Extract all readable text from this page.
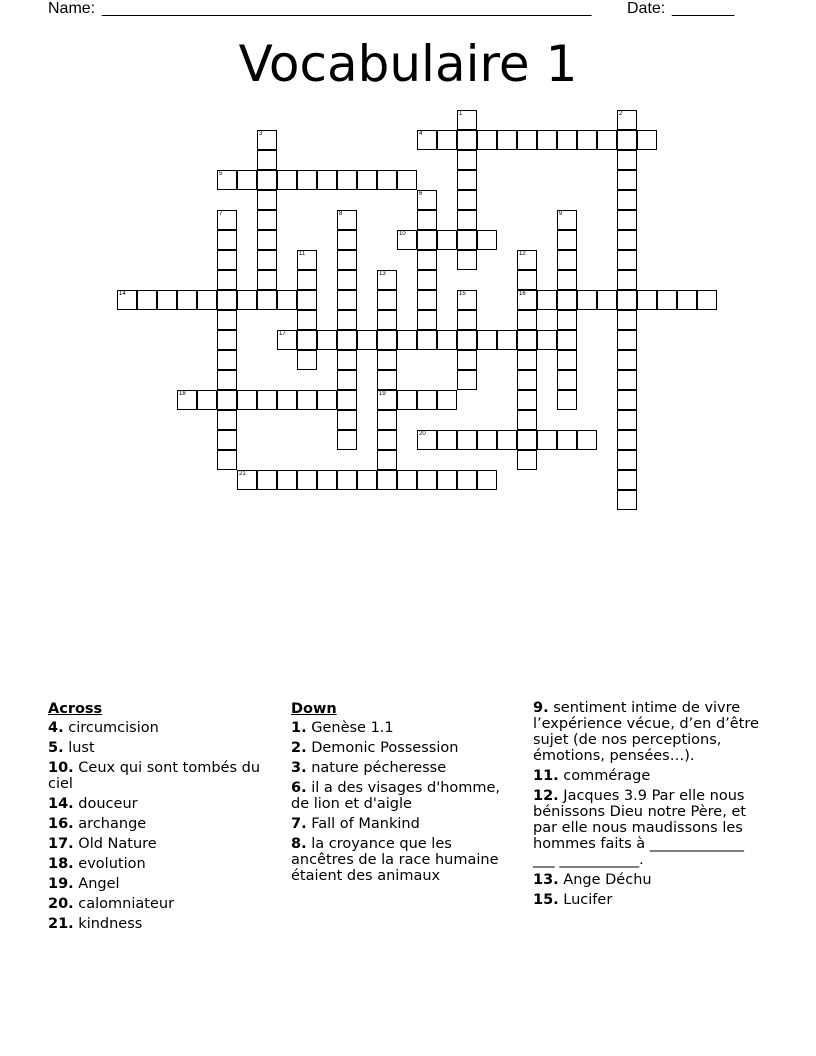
Name: _______________________________________________________ Date: _______
Vocabulaire 1
1	2
3	4
5
6
7	8	9
10
11	12
16
13
19
14	15
17
18
20
21
Across
4. circumcision
5. lust
10. Ceux qui sont tombés du ciel
14. douceur
16. archange
17. Old Nature
18. evolution
19. Angel
20. calomniateur
21. kindness
Down
1. Genèse 1.1
2. Demonic Possession
3. nature pécheresse
6. il a des visages d'homme, de lion et d'aigle
7. Fall of Mankind
8. la croyance que les ancêtres de la race humaine étaient des animaux
9. sentiment intime de vivre l’expérience vécue, d’en d’être sujet (de nos perceptions, émotions, pensées…).
11. commérage
12. Jacques 3.9 Par elle nous bénissons Dieu notre Père, et par elle nous maudissons les hommes faits à _____________ ___ ___________.
13. Ange Déchu
15. Lucifer
